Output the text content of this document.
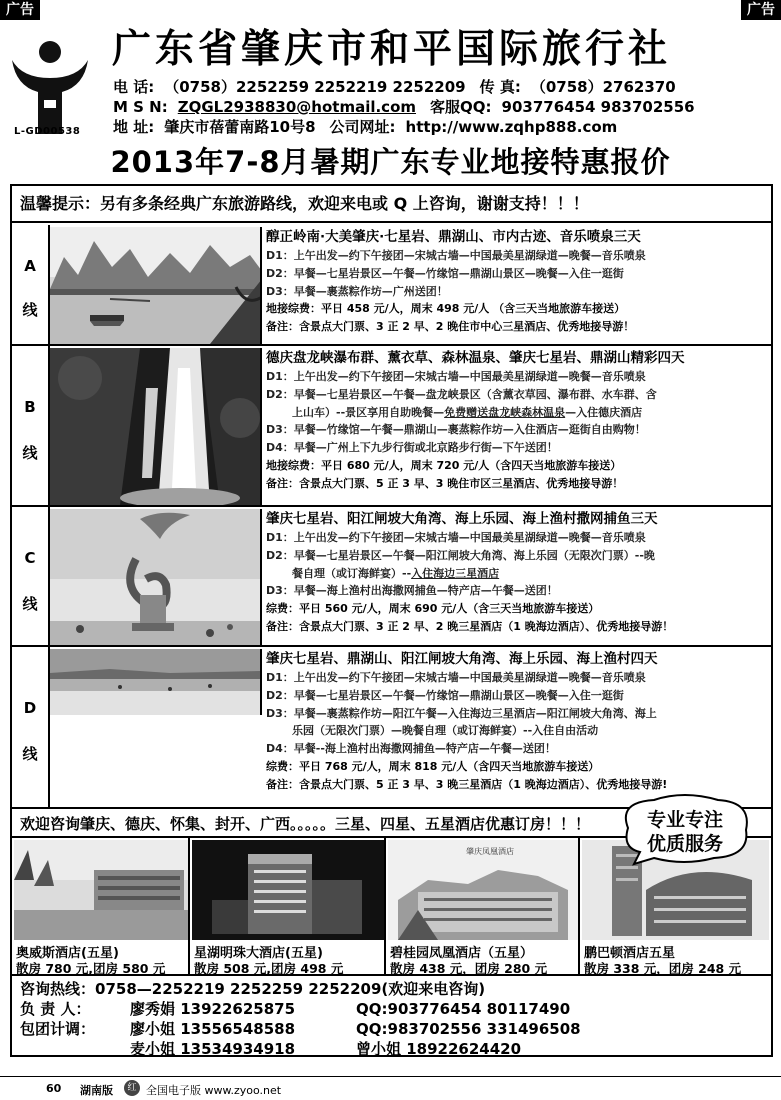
广告	广告
L-GD00538
广东省肇庆市和平国际旅行社
电 话: （0758）2252259 2252219 2252209 传 真: （0758）2762370
M S N: ZQGL2938830@hotmail.com 客服QQ: 903776454 983702556
地 址: 肇庆市蓓蕾南路10号8 公司网址: http://www.zqhp888.com
2013年7-8月暑期广东专业地接特惠报价
温馨提示：另有多条经典广东旅游路线，欢迎来电或 Q 上咨询，谢谢支持！！！
A
线
醇正岭南·大美肇庆·七星岩、鼎湖山、市内古迹、音乐喷泉三天
D1：上午出发—约下午接团—宋城古墙—中国最美星湖绿道—晚餐—音乐喷泉
D2：早餐—七星岩景区—午餐—竹缘馆—鼎湖山景区—晚餐—入住一逛街
D3：早餐—裹蒸粽作坊—广州送团！
地接综费：平日 458 元/人，周末 498 元/人 （含三天当地旅游车接送）
备注：含景点大门票、3 正 2 早、2 晚住市中心三星酒店、优秀地接导游！
B
线
德庆盘龙峡瀑布群、薰衣草、森林温泉、肇庆七星岩、鼎湖山精彩四天
D1：上午出发—约下午接团—宋城古墙—中国最美星湖绿道—晚餐—音乐喷泉
D2：早餐—七星岩景区—午餐—盘龙峡景区（含薰衣草园、瀑布群、水车群、含
上山车）--景区享用自助晚餐—免费赠送盘龙峡森林温泉—入住德庆酒店
D3：早餐—竹缘馆—午餐—鼎湖山—裹蒸粽作坊—入住酒店—逛街自由购物！
D4：早餐—广州上下九步行街或北京路步行街—下午送团！
地接综费：平日 680 元/人，周末 720 元/人（含四天当地旅游车接送）
备注：含景点大门票、5 正 3 早、3 晚住市区三星酒店、优秀地接导游！
C
线
肇庆七星岩、阳江闸坡大角湾、海上乐园、海上渔村撒网捕鱼三天
D1：上午出发—约下午接团—宋城古墙—中国最美星湖绿道—晚餐—音乐喷泉
D2：早餐—七星岩景区—午餐—阳江闸坡大角湾、海上乐园（无限次门票）--晚
餐自理（或订海鲜宴）--入住海边三星酒店
D3：早餐—海上渔村出海撒网捕鱼—特产店—午餐—送团！
综费：平日 560 元/人，周末 690 元/人（含三天当地旅游车接送）
备注：含景点大门票、3 正 2 早、2 晚三星酒店（1 晚海边酒店）、优秀地接导游！
D
线
肇庆七星岩、鼎湖山、阳江闸坡大角湾、海上乐园、海上渔村四天
D1：上午出发—约下午接团—宋城古墙—中国最美星湖绿道—晚餐—音乐喷泉
D2：早餐—七星岩景区—午餐—竹缘馆—鼎湖山景区—晚餐—入住一逛街
D3：早餐—裹蒸粽作坊—阳江午餐—入住海边三星酒店—阳江闸坡大角湾、海上
乐园（无限次门票）—晚餐自理（或订海鲜宴）--入住自由活动
D4：早餐--海上渔村出海撒网捕鱼—特产店—午餐—送团！
综费：平日 768 元/人，周末 818 元/人（含四天当地旅游车接送）
备注：含景点大门票、5 正 3 早、3 晚三星酒店（1 晚海边酒店）、优秀地接导游!
欢迎咨询肇庆、德庆、怀集、封开、广西。。。。。三星、四星、五星酒店优惠订房！！！
奥威斯酒店(五星)
散房 780 元,团房 580 元
星湖明珠大酒店(五星)
散房 508 元,团房 498 元
肇庆凤凰酒店
碧桂园凤凰酒店（五星）
散房 438 元，团房 280 元
鹏巴顿酒店五星
散房 338 元，团房 248 元
咨询热线：0758—2252219 2252259 2252209(欢迎来电咨询)
负 责 人：	廖秀娟 13922625875	QQ:903776454 80117490
包团计调： 廖小姐 13556548588	QQ:983702556 331496508
麦小姐 13534934918	曾小姐 18922624420
专业专注
优质服务
60 湖南版	红 全国电子版 www.zyoo.net
